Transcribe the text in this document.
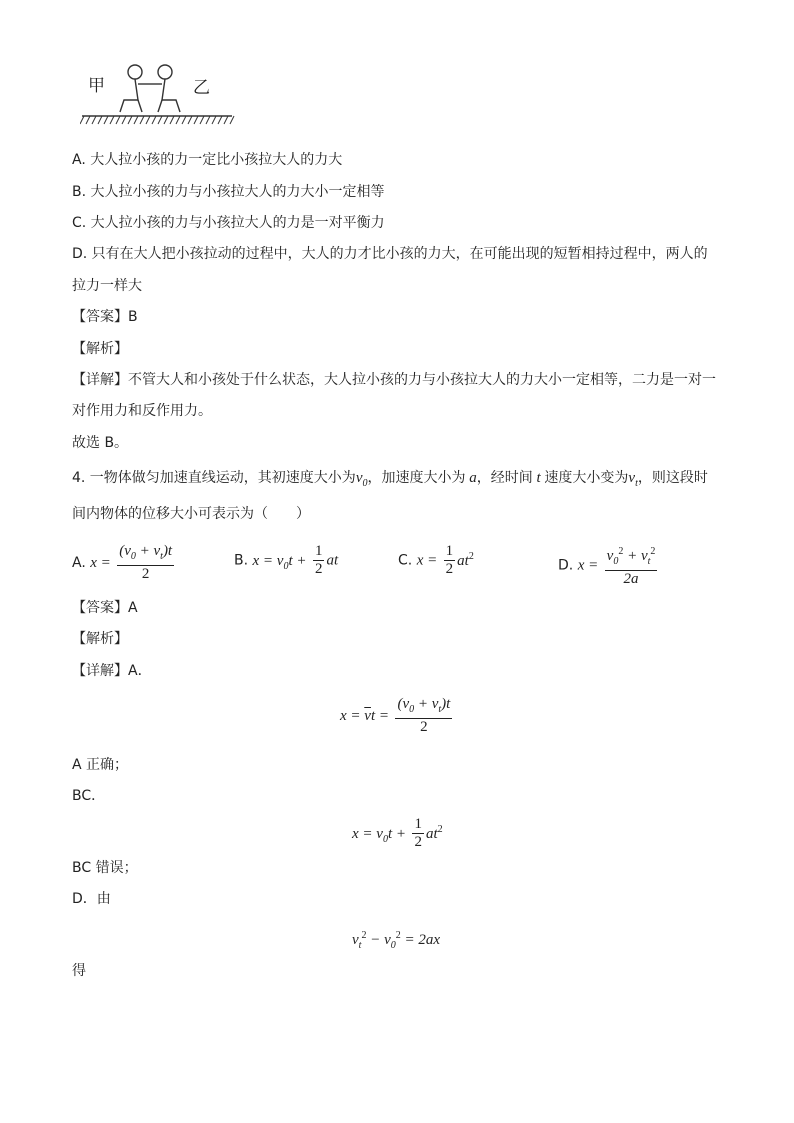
甲	乙
A. 大人拉小孩的力一定比小孩拉大人的力大
B. 大人拉小孩的力与小孩拉大人的力大小一定相等
C. 大人拉小孩的力与小孩拉大人的力是一对平衡力
D. 只有在大人把小孩拉动的过程中，大人的力才比小孩的力大，在可能出现的短暂相持过程中，两人的
拉力一样大
【答案】B
【解析】
【详解】不管大人和小孩处于什么状态，大人拉小孩的力与小孩拉大人的力大小一定相等，二力是一对一
对作用力和反作用力。
故选 B。
4. 一物体做匀加速直线运动，其初速度大小为$v_0$，加速度大小为 a，经时间 t 速度大小变为$v_t$，则这段时
间内物体的位移大小可表示为（　　）
A. $x = \frac{(v_0 + v_t)t}{2}$	B. $x = v_0t + \frac{1}{2}$ at	C. $x = \frac{1}{2} at^2$
D. $x = \frac{v_0^2 + v_t^2}{2a}$
【答案】A
【解析】
【详解】A．
$x = \overline{v}t = \frac{(v_0 + v_t)t}{2}$
A 正确；
BC．
$x = v_0t + \frac{1}{2} at^2$
BC 错误；
D．由
$v_t^2 - v_0^2 = 2ax$
得
